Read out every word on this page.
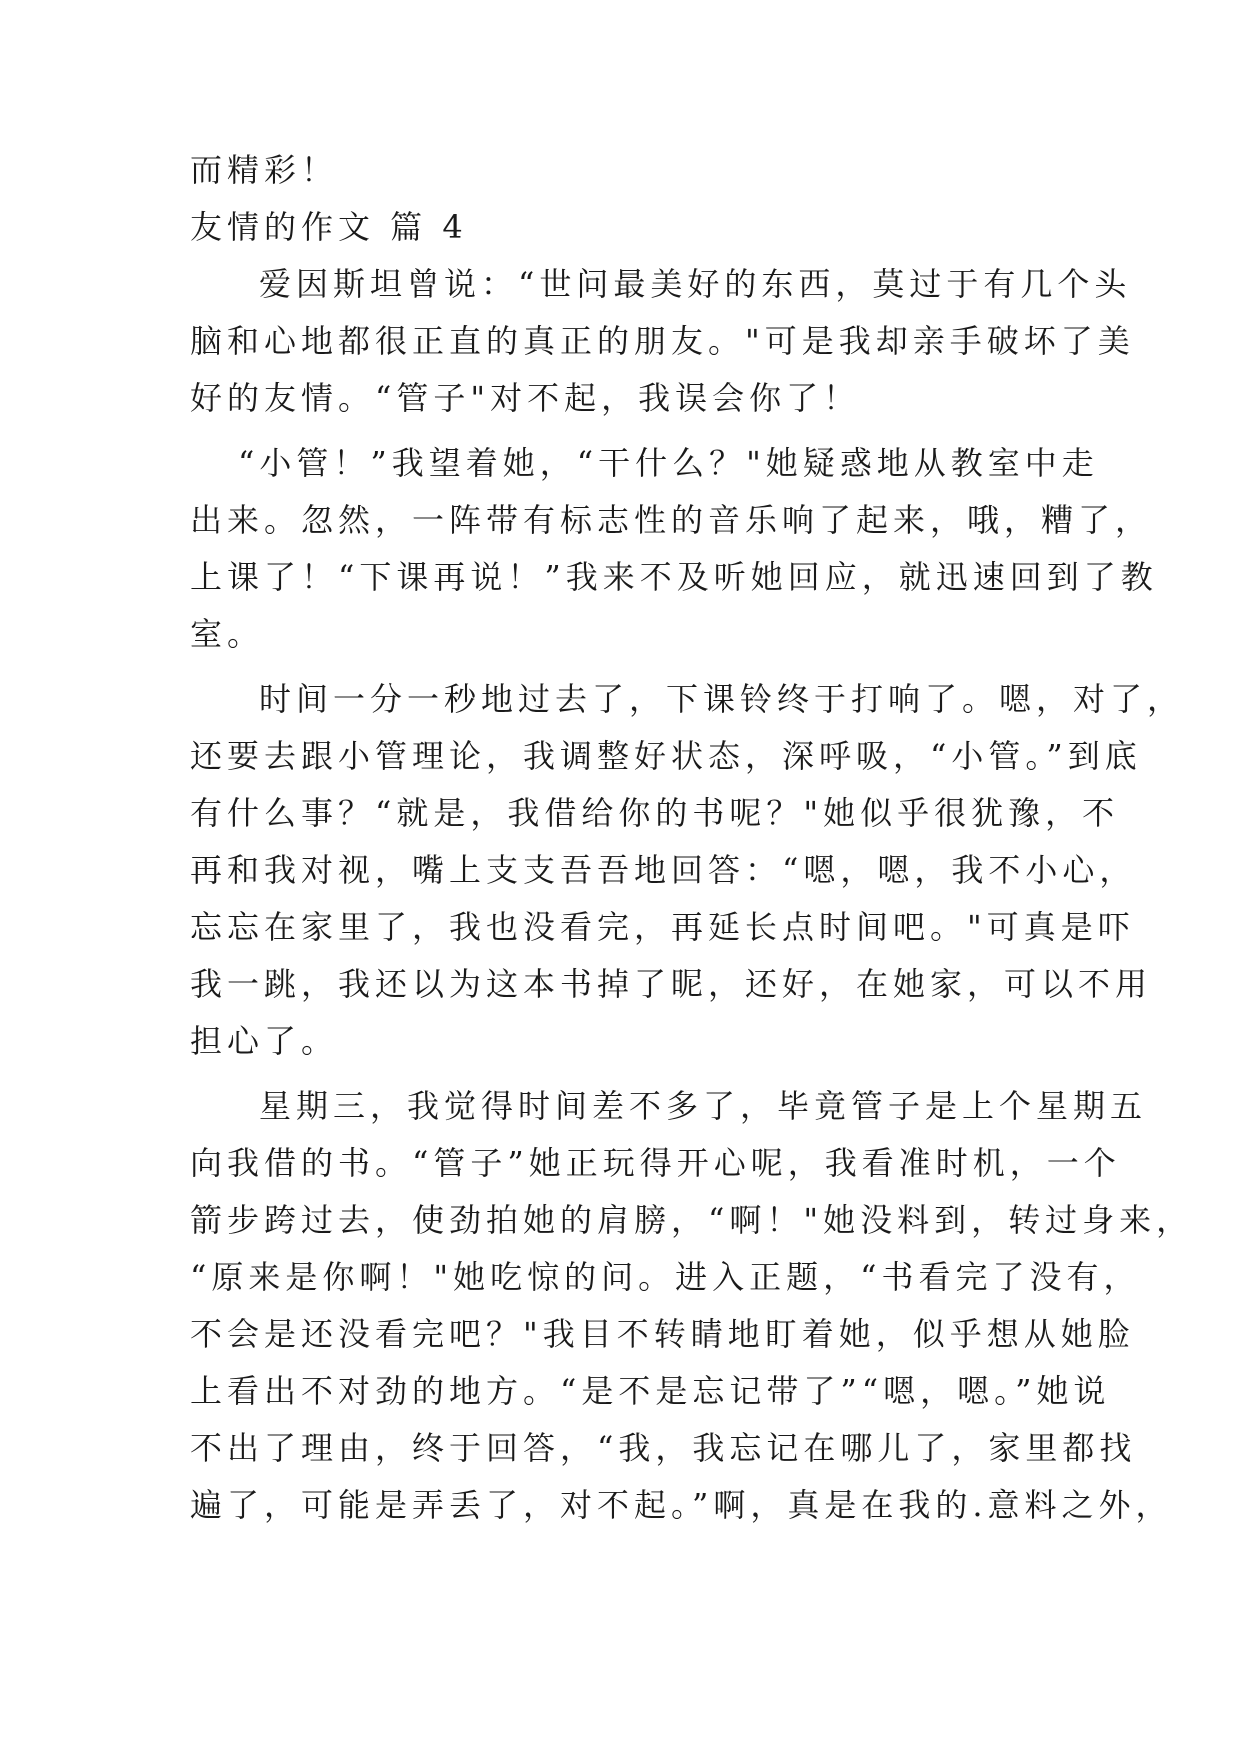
而精彩！
友情的作文 篇 4
爱因斯坦曾说：“世问最美好的东西，莫过于有几个头
脑和心地都很正直的真正的朋友。"可是我却亲手破坏了美
好的友情。“管子"对不起，我误会你了！
“小管！”我望着她，“干什么？"她疑惑地从教室中走
出来。忽然，一阵带有标志性的音乐响了起来，哦，糟了，
上课了！“下课再说！”我来不及听她回应，就迅速回到了教
室。
时间一分一秒地过去了，下课铃终于打响了。嗯，对了，
还要去跟小管理论，我调整好状态，深呼吸，“小管。”到底
有什么事？“就是，我借给你的书呢？"她似乎很犹豫，不
再和我对视，嘴上支支吾吾地回答：“嗯，嗯，我不小心，
忘忘在家里了，我也没看完，再延长点时间吧。"可真是吓
我一跳，我还以为这本书掉了昵，还好，在她家，可以不用
担心了。
星期三，我觉得时间差不多了，毕竟管子是上个星期五
向我借的书。“管子”她正玩得开心呢，我看准时机，一个
箭步跨过去，使劲拍她的肩膀，“啊！"她没料到，转过身来，
“原来是你啊！"她吃惊的问。进入正题，“书看完了没有，
不会是还没看完吧？"我目不转睛地盯着她，似乎想从她脸
上看出不对劲的地方。“是不是忘记带了”“嗯，嗯。”她说
不出了理由，终于回答，“我，我忘记在哪儿了，家里都找
遍了，可能是弄丢了，对不起。”啊，真是在我的.意料之外，
